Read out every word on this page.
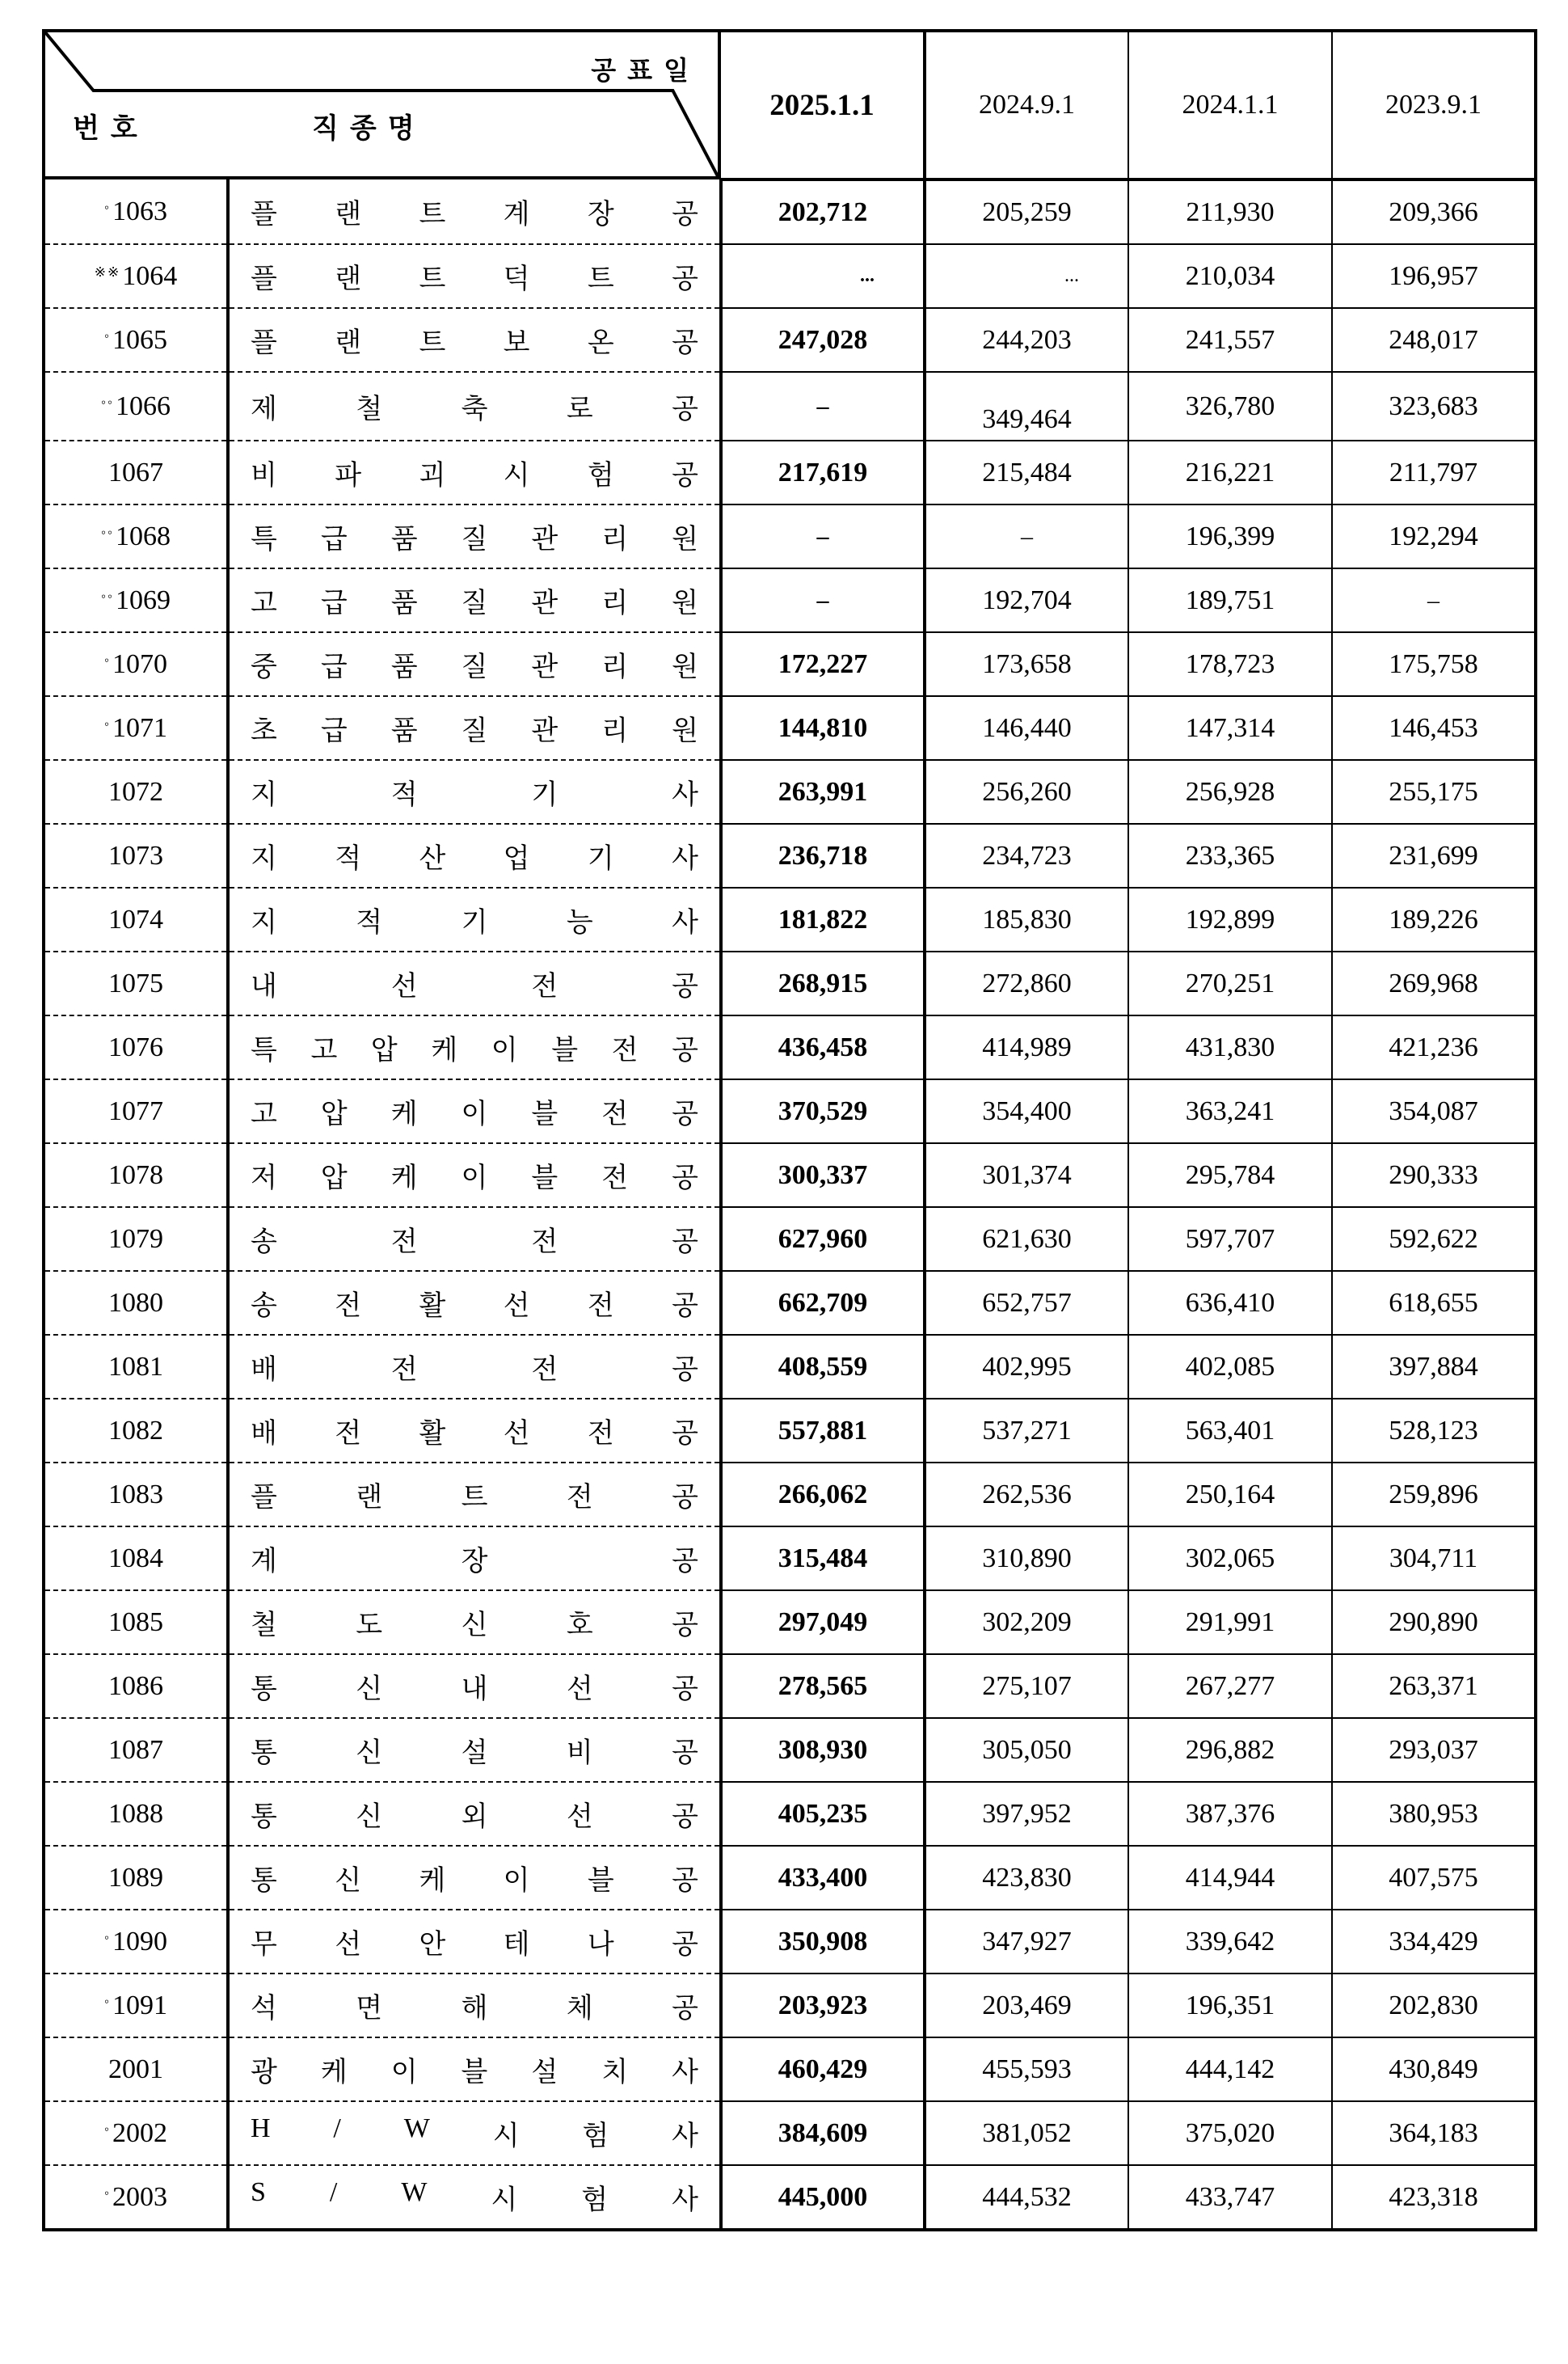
공표일
번호 직종명		2025.1.1	2024.9.1	2024.1.1	2023.9.1
◦1063	플 랜 트 계 장 공	202,712	205,259	211,930	209,366
※※1064	플 랜 트 덕 트 공	...	...	210,034	196,957
◦1065	플 랜 트 보 온 공	247,028	244,203	241,557	248,017
◦◦1066	제 철 축 로 공	–	349,464	326,780	323,683
1067	비 파 괴 시 험 공	217,619	215,484	216,221	211,797
◦◦1068	특 급 품 질 관 리 원	–	–	196,399	192,294
◦◦1069	고 급 품 질 관 리 원	–	192,704	189,751	–
◦1070	중 급 품 질 관 리 원	172,227	173,658	178,723	175,758
◦1071	초 급 품 질 관 리 원	144,810	146,440	147,314	146,453
1072	지 적 기 사	263,991	256,260	256,928	255,175
1073	지 적 산 업 기 사	236,718	234,723	233,365	231,699
1074	지 적 기 능 사	181,822	185,830	192,899	189,226
1075	내 선 전 공	268,915	272,860	270,251	269,968
1076	특 고 압 케 이 블 전 공	436,458	414,989	431,830	421,236
1077	고 압 케 이 블 전 공	370,529	354,400	363,241	354,087
1078	저 압 케 이 블 전 공	300,337	301,374	295,784	290,333
1079	송 전 전 공	627,960	621,630	597,707	592,622
1080	송 전 활 선 전 공	662,709	652,757	636,410	618,655
1081	배 전 전 공	408,559	402,995	402,085	397,884
1082	배 전 활 선 전 공	557,881	537,271	563,401	528,123
1083	플 랜 트 전 공	266,062	262,536	250,164	259,896
1084	계 장 공	315,484	310,890	302,065	304,711
1085	철 도 신 호 공	297,049	302,209	291,991	290,890
1086	통 신 내 선 공	278,565	275,107	267,277	263,371
1087	통 신 설 비 공	308,930	305,050	296,882	293,037
1088	통 신 외 선 공	405,235	397,952	387,376	380,953
1089	통 신 케 이 블 공	433,400	423,830	414,944	407,575
◦1090	무 선 안 테 나 공	350,908	347,927	339,642	334,429
◦1091	석 면 해 체 공	203,923	203,469	196,351	202,830
2001	광 케 이 블 설 치 사	460,429	455,593	444,142	430,849
◦2002	H / W 시 험 사	384,609	381,052	375,020	364,183
◦2003	S / W 시 험 사	445,000	444,532	433,747	423,318
